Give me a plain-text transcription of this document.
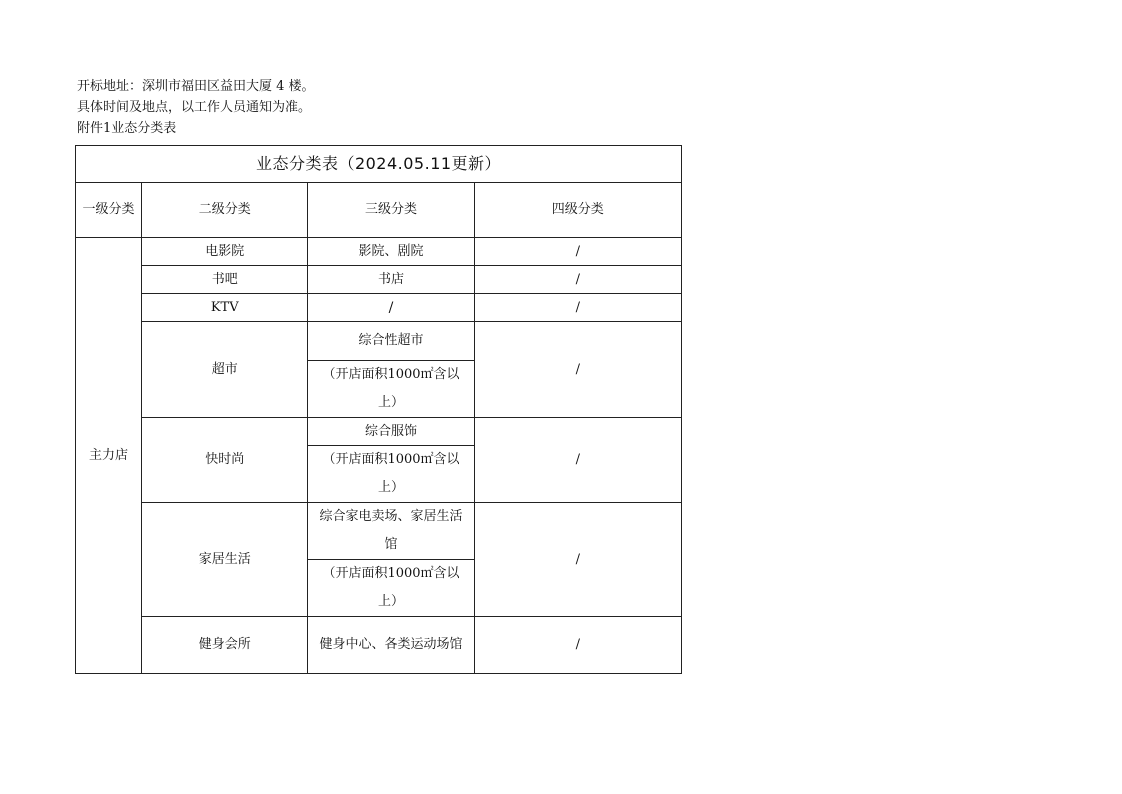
开标地址：深圳市福田区益田大厦 4 楼。
具体时间及地点，以工作人员通知为准。
附件1业态分类表
业态分类表（2024.05.11更新）			
一级分类	二级分类	三级分类	四级分类
主力店	电影院	影院、剧院	/
	书吧	书店	/
	KTV	/	/
	超市	综合性超市	/
		（开店面积1000㎡含以上）	
	快时尚	综合服饰	/
		（开店面积1000㎡含以上）	
	家居生活	综合家电卖场、家居生活馆	/
		（开店面积1000㎡含以上）	
	健身会所	健身中心、各类运动场馆	/
